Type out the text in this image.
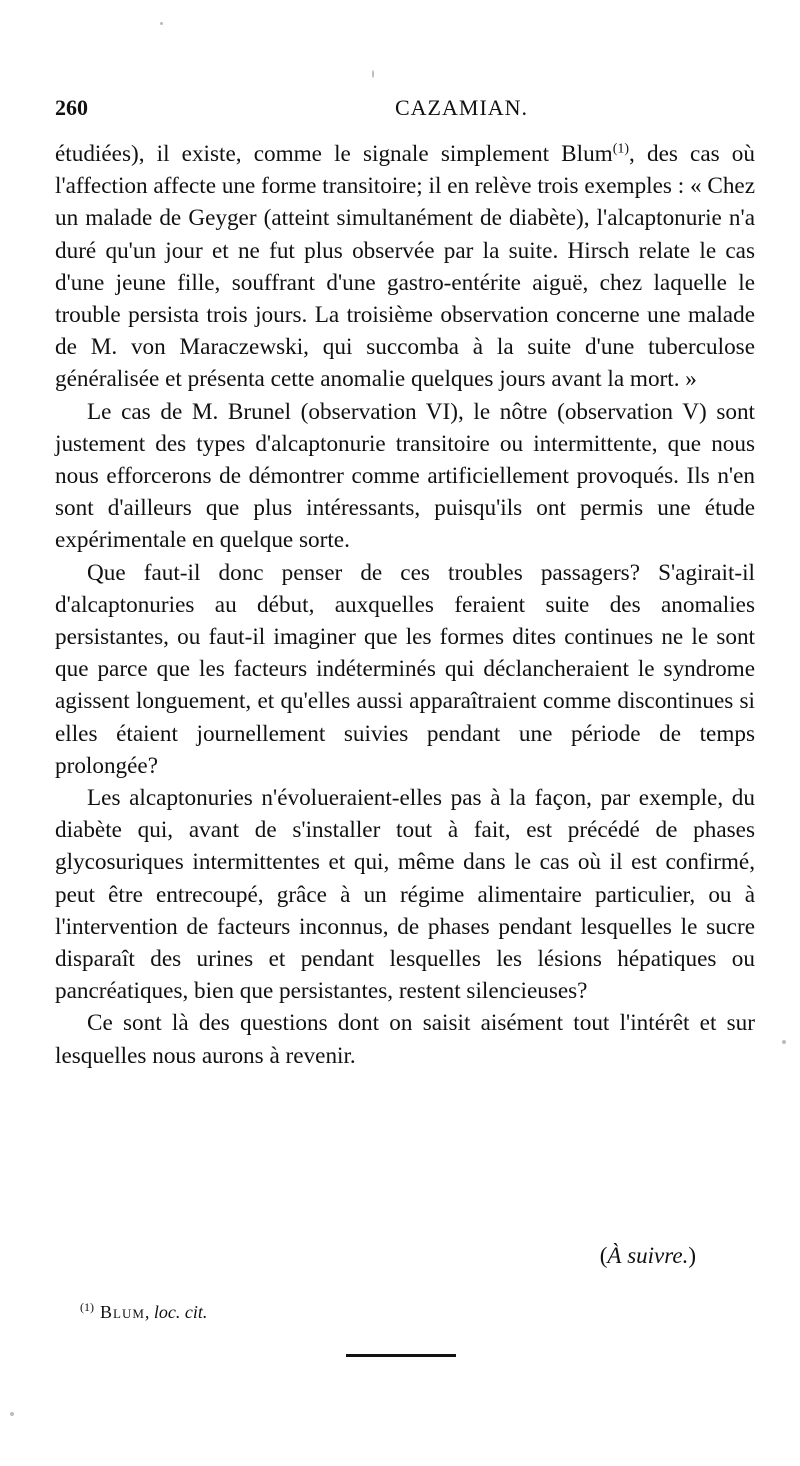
260	CAZAMIAN.

étudiées), il existe, comme le signale simplement Blum$^{(1)}$, des cas où l'affection affecte une forme transitoire; il en relève trois exemples : « Chez un malade de Geyger (atteint simultanément de diabète), l'alcaptonurie n'a duré qu'un jour et ne fut plus observée par la suite. Hirsch relate le cas d'une jeune fille, souffrant d'une gastro-entérite aiguë, chez laquelle le trouble persista trois jours. La troisième observation concerne une malade de M. von Maraczewski, qui succomba à la suite d'une tuberculose généralisée et présenta cette anomalie quelques jours avant la mort. »

Le cas de M. Brunel (observation VI), le nôtre (observation V) sont justement des types d'alcaptonurie transitoire ou intermittente, que nous nous efforcerons de démontrer comme artificiellement provoqués. Ils n'en sont d'ailleurs que plus intéressants, puisqu'ils ont permis une étude expérimentale en quelque sorte.

Que faut-il donc penser de ces troubles passagers? S'agirait-il d'alcaptonuries au début, auxquelles feraient suite des anomalies persistantes, ou faut-il imaginer que les formes dites continues ne le sont que parce que les facteurs indéterminés qui déclancheraient le syndrome agissent longuement, et qu'elles aussi apparaîtraient comme discontinues si elles étaient journellement suivies pendant une période de temps prolongée?

Les alcaptonuries n'évolueraient-elles pas à la façon, par exemple, du diabète qui, avant de s'installer tout à fait, est précédé de phases glycosuriques intermittentes et qui, même dans le cas où il est confirmé, peut être entrecoupé, grâce à un régime alimentaire particulier, ou à l'intervention de facteurs inconnus, de phases pendant lesquelles le sucre disparaît des urines et pendant lesquelles les lésions hépatiques ou pancréatiques, bien que persistantes, restent silencieuses?

Ce sont là des questions dont on saisit aisément tout l'intérêt et sur lesquelles nous aurons à revenir.

(À suivre.)
$^{(1)}$ Blum, loc. cit.
